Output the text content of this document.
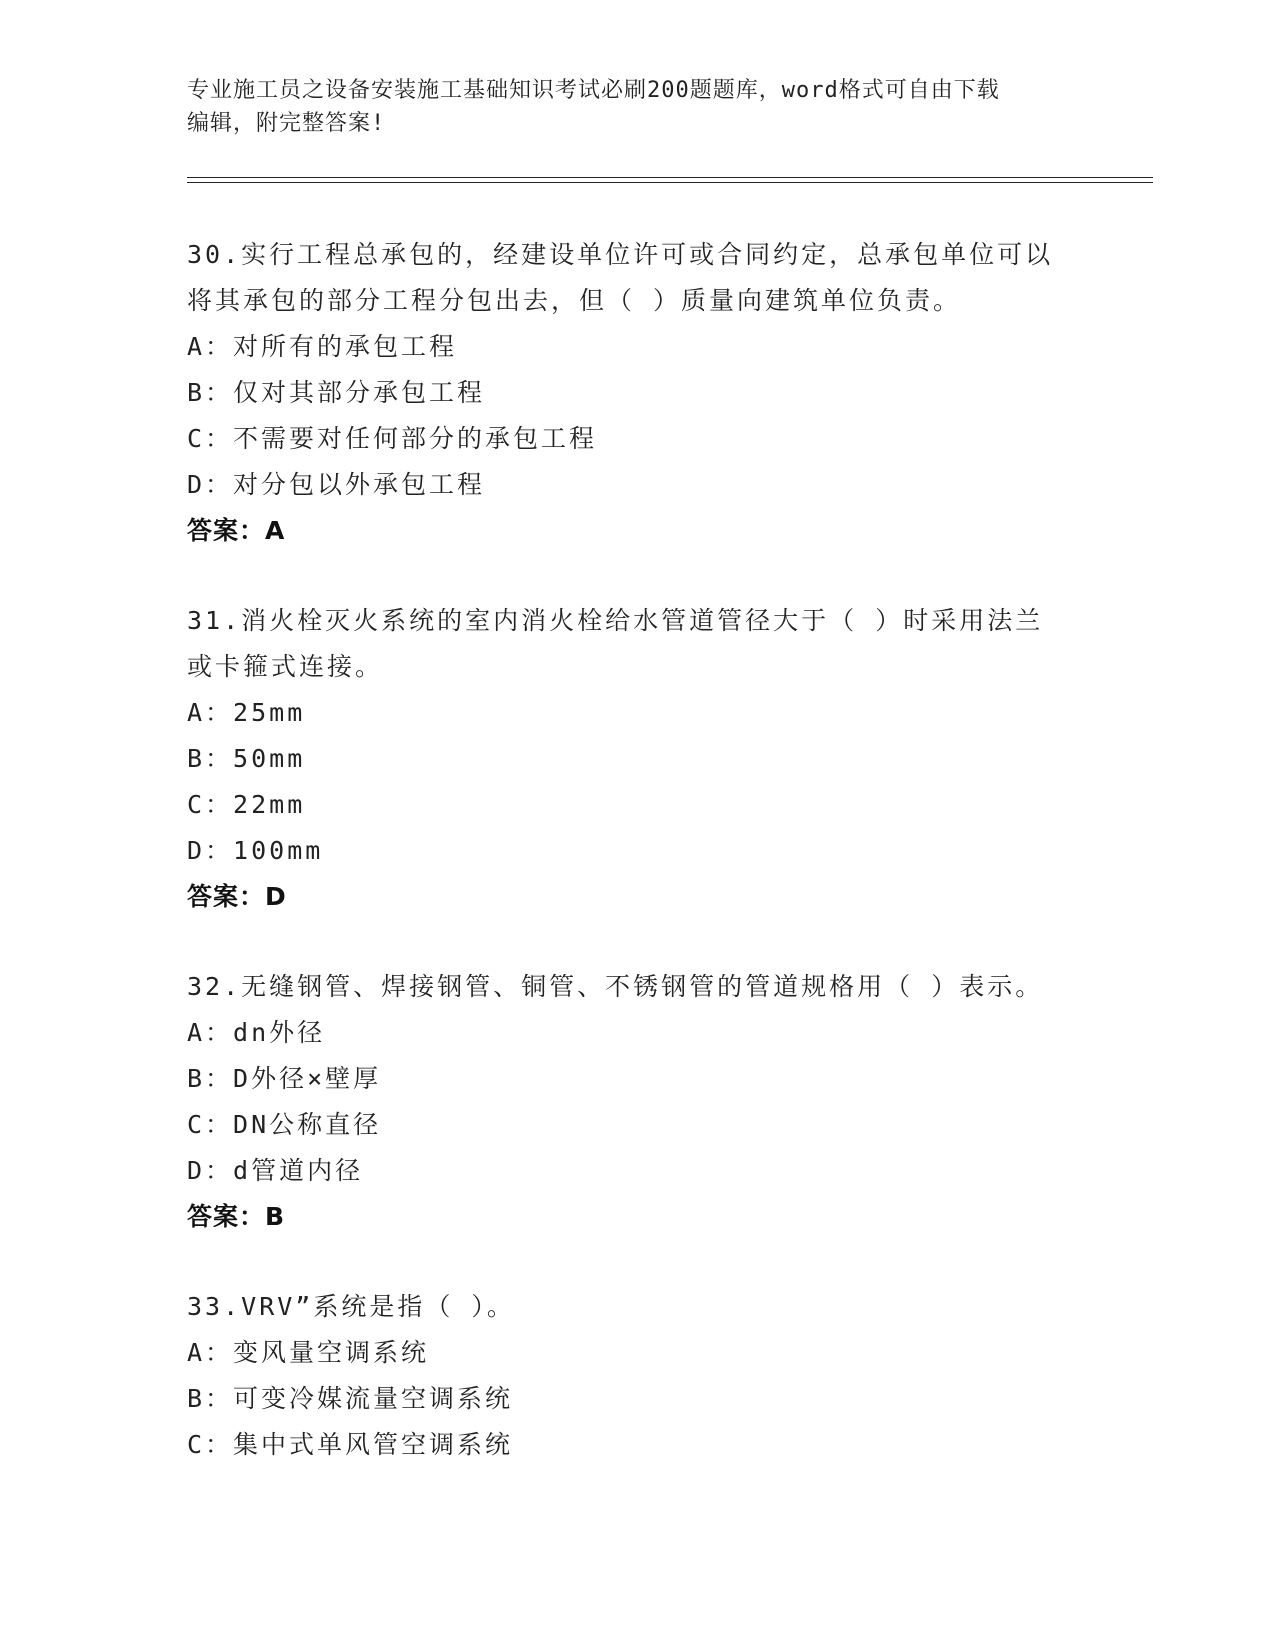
专业施工员之设备安装施工基础知识考试必刷200题题库，word格式可自由下载
编辑，附完整答案!
30.实行工程总承包的，经建设单位许可或合同约定，总承包单位可以
将其承包的部分工程分包出去，但（ ）质量向建筑单位负责。
A：对所有的承包工程
B：仅对其部分承包工程
C：不需要对任何部分的承包工程
D：对分包以外承包工程
答案：A
31.消火栓灭火系统的室内消火栓给水管道管径大于（ ）时采用法兰
或卡箍式连接。
A：25mm
B：50mm
C：22mm
D：100mm
答案：D
32.无缝钢管、焊接钢管、铜管、不锈钢管的管道规格用（ ）表示。
A：dn外径
B：D外径×壁厚
C：DN公称直径
D：d管道内径
答案：B
33.VRV”系统是指（ ）。
A：变风量空调系统
B：可变冷媒流量空调系统
C：集中式单风管空调系统
